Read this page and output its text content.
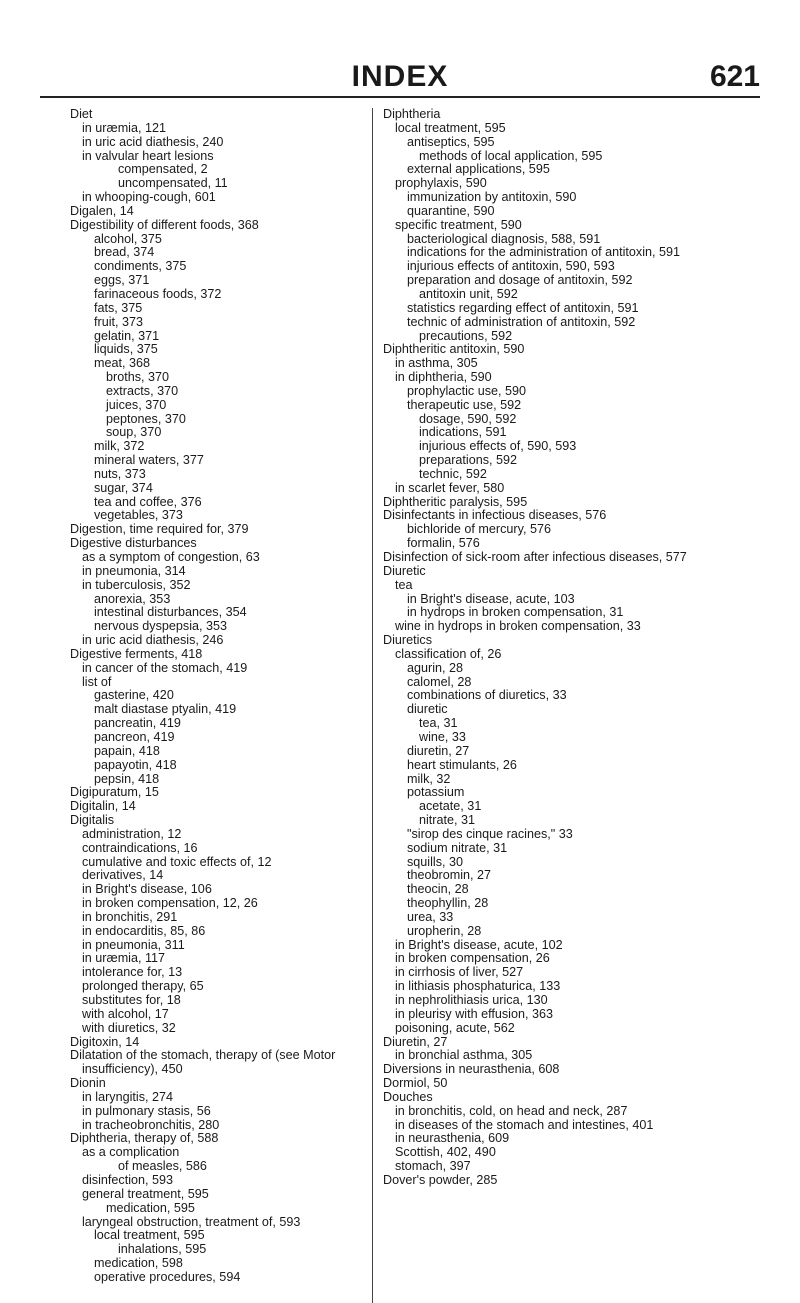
INDEX	621
Diet
in uræmia, 121
in uric acid diathesis, 240
in valvular heart lesions
compensated, 2
uncompensated, 11
in whooping-cough, 601
Digalen, 14
Digestibility of different foods, 368
alcohol, 375
bread, 374
condiments, 375
eggs, 371
farinaceous foods, 372
fats, 375
fruit, 373
gelatin, 371
liquids, 375
meat, 368
broths, 370
extracts, 370
juices, 370
peptones, 370
soup, 370
milk, 372
mineral waters, 377
nuts, 373
sugar, 374
tea and coffee, 376
vegetables, 373
Digestion, time required for, 379
Digestive disturbances
as a symptom of congestion, 63
in pneumonia, 314
in tuberculosis, 352
anorexia, 353
intestinal disturbances, 354
nervous dyspepsia, 353
in uric acid diathesis, 246
Digestive ferments, 418
in cancer of the stomach, 419
list of
gasterine, 420
malt diastase ptyalin, 419
pancreatin, 419
pancreon, 419
papain, 418
papayotin, 418
pepsin, 418
Digipuratum, 15
Digitalin, 14
Digitalis
administration, 12
contraindications, 16
cumulative and toxic effects of, 12
derivatives, 14
in Bright's disease, 106
in broken compensation, 12, 26
in bronchitis, 291
in endocarditis, 85, 86
in pneumonia, 311
in uræmia, 117
intolerance for, 13
prolonged therapy, 65
substitutes for, 18
with alcohol, 17
with diuretics, 32
Digitoxin, 14
Dilatation of the stomach, therapy of (see Motor insufficiency), 450
Dionin
in laryngitis, 274
in pulmonary stasis, 56
in tracheobronchitis, 280
Diphtheria, therapy of, 588
as a complication
of measles, 586
disinfection, 593
general treatment, 595
medication, 595
laryngeal obstruction, treatment of, 593
local treatment, 595
inhalations, 595
medication, 598
operative procedures, 594
Diphtheria
local treatment, 595
antiseptics, 595
methods of local application, 595
external applications, 595
prophylaxis, 590
immunization by antitoxin, 590
quarantine, 590
specific treatment, 590
bacteriological diagnosis, 588, 591
indications for the administration of antitoxin, 591
injurious effects of antitoxin, 590, 593
preparation and dosage of antitoxin, 592
antitoxin unit, 592
statistics regarding effect of antitoxin, 591
technic of administration of antitoxin, 592
precautions, 592
Diphtheritic antitoxin, 590
in asthma, 305
in diphtheria, 590
prophylactic use, 590
therapeutic use, 592
dosage, 590, 592
indications, 591
injurious effects of, 590, 593
preparations, 592
technic, 592
in scarlet fever, 580
Diphtheritic paralysis, 595
Disinfectants in infectious diseases, 576
bichloride of mercury, 576
formalin, 576
Disinfection of sick-room after infectious diseases, 577
Diuretic
tea
in Bright's disease, acute, 103
in hydrops in broken compensation, 31
wine in hydrops in broken compensation, 33
Diuretics
classification of, 26
agurin, 28
calomel, 28
combinations of diuretics, 33
diuretic
tea, 31
wine, 33
diuretin, 27
heart stimulants, 26
milk, 32
potassium
acetate, 31
nitrate, 31
"sirop des cinque racines," 33
sodium nitrate, 31
squills, 30
theobromin, 27
theocin, 28
theophyllin, 28
urea, 33
uropherin, 28
in Bright's disease, acute, 102
in broken compensation, 26
in cirrhosis of liver, 527
in lithiasis phosphaturica, 133
in nephrolithiasis urica, 130
in pleurisy with effusion, 363
poisoning, acute, 562
Diuretin, 27
in bronchial asthma, 305
Diversions in neurasthenia, 608
Dormiol, 50
Douches
in bronchitis, cold, on head and neck, 287
in diseases of the stomach and intestines, 401
in neurasthenia, 609
Scottish, 402, 490
stomach, 397
Dover's powder, 285
